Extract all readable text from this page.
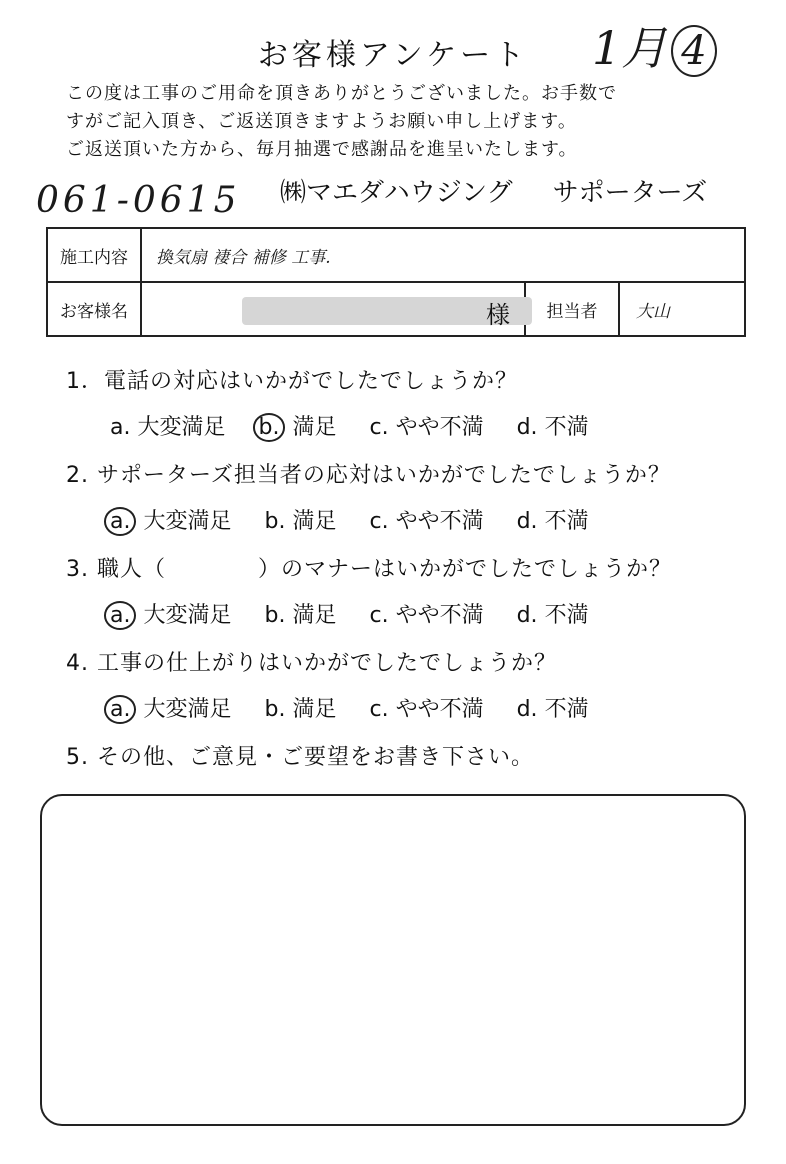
お客様アンケート	1月 4
この度は工事のご用命を頂きありがとうございました。お手数で
すがご記入頂き、ご返送頂きますようお願い申し上げます。
ご返送頂いた方から、毎月抽選で感謝品を進呈いたします。
061-0615 ㈱マエダハウジング サポーターズ
施工内容	換気扇 褄合 補修 工事.		
お客様名	様	担当者	大山
1．電話の対応はいかがでしたでしょうか？
a. 大変満足 b. 満足 c. やや不満 d. 不満
2. サポーターズ担当者の応対はいかがでしたでしょうか？
a. 大変満足 b. 満足 c. やや不満 d. 不満
3. 職人（　　　　）のマナーはいかがでしたでしょうか？
a. 大変満足 b. 満足 c. やや不満 d. 不満
4. 工事の仕上がりはいかがでしたでしょうか？
a. 大変満足 b. 満足 c. やや不満 d. 不満
5. その他、ご意見・ご要望をお書き下さい。
